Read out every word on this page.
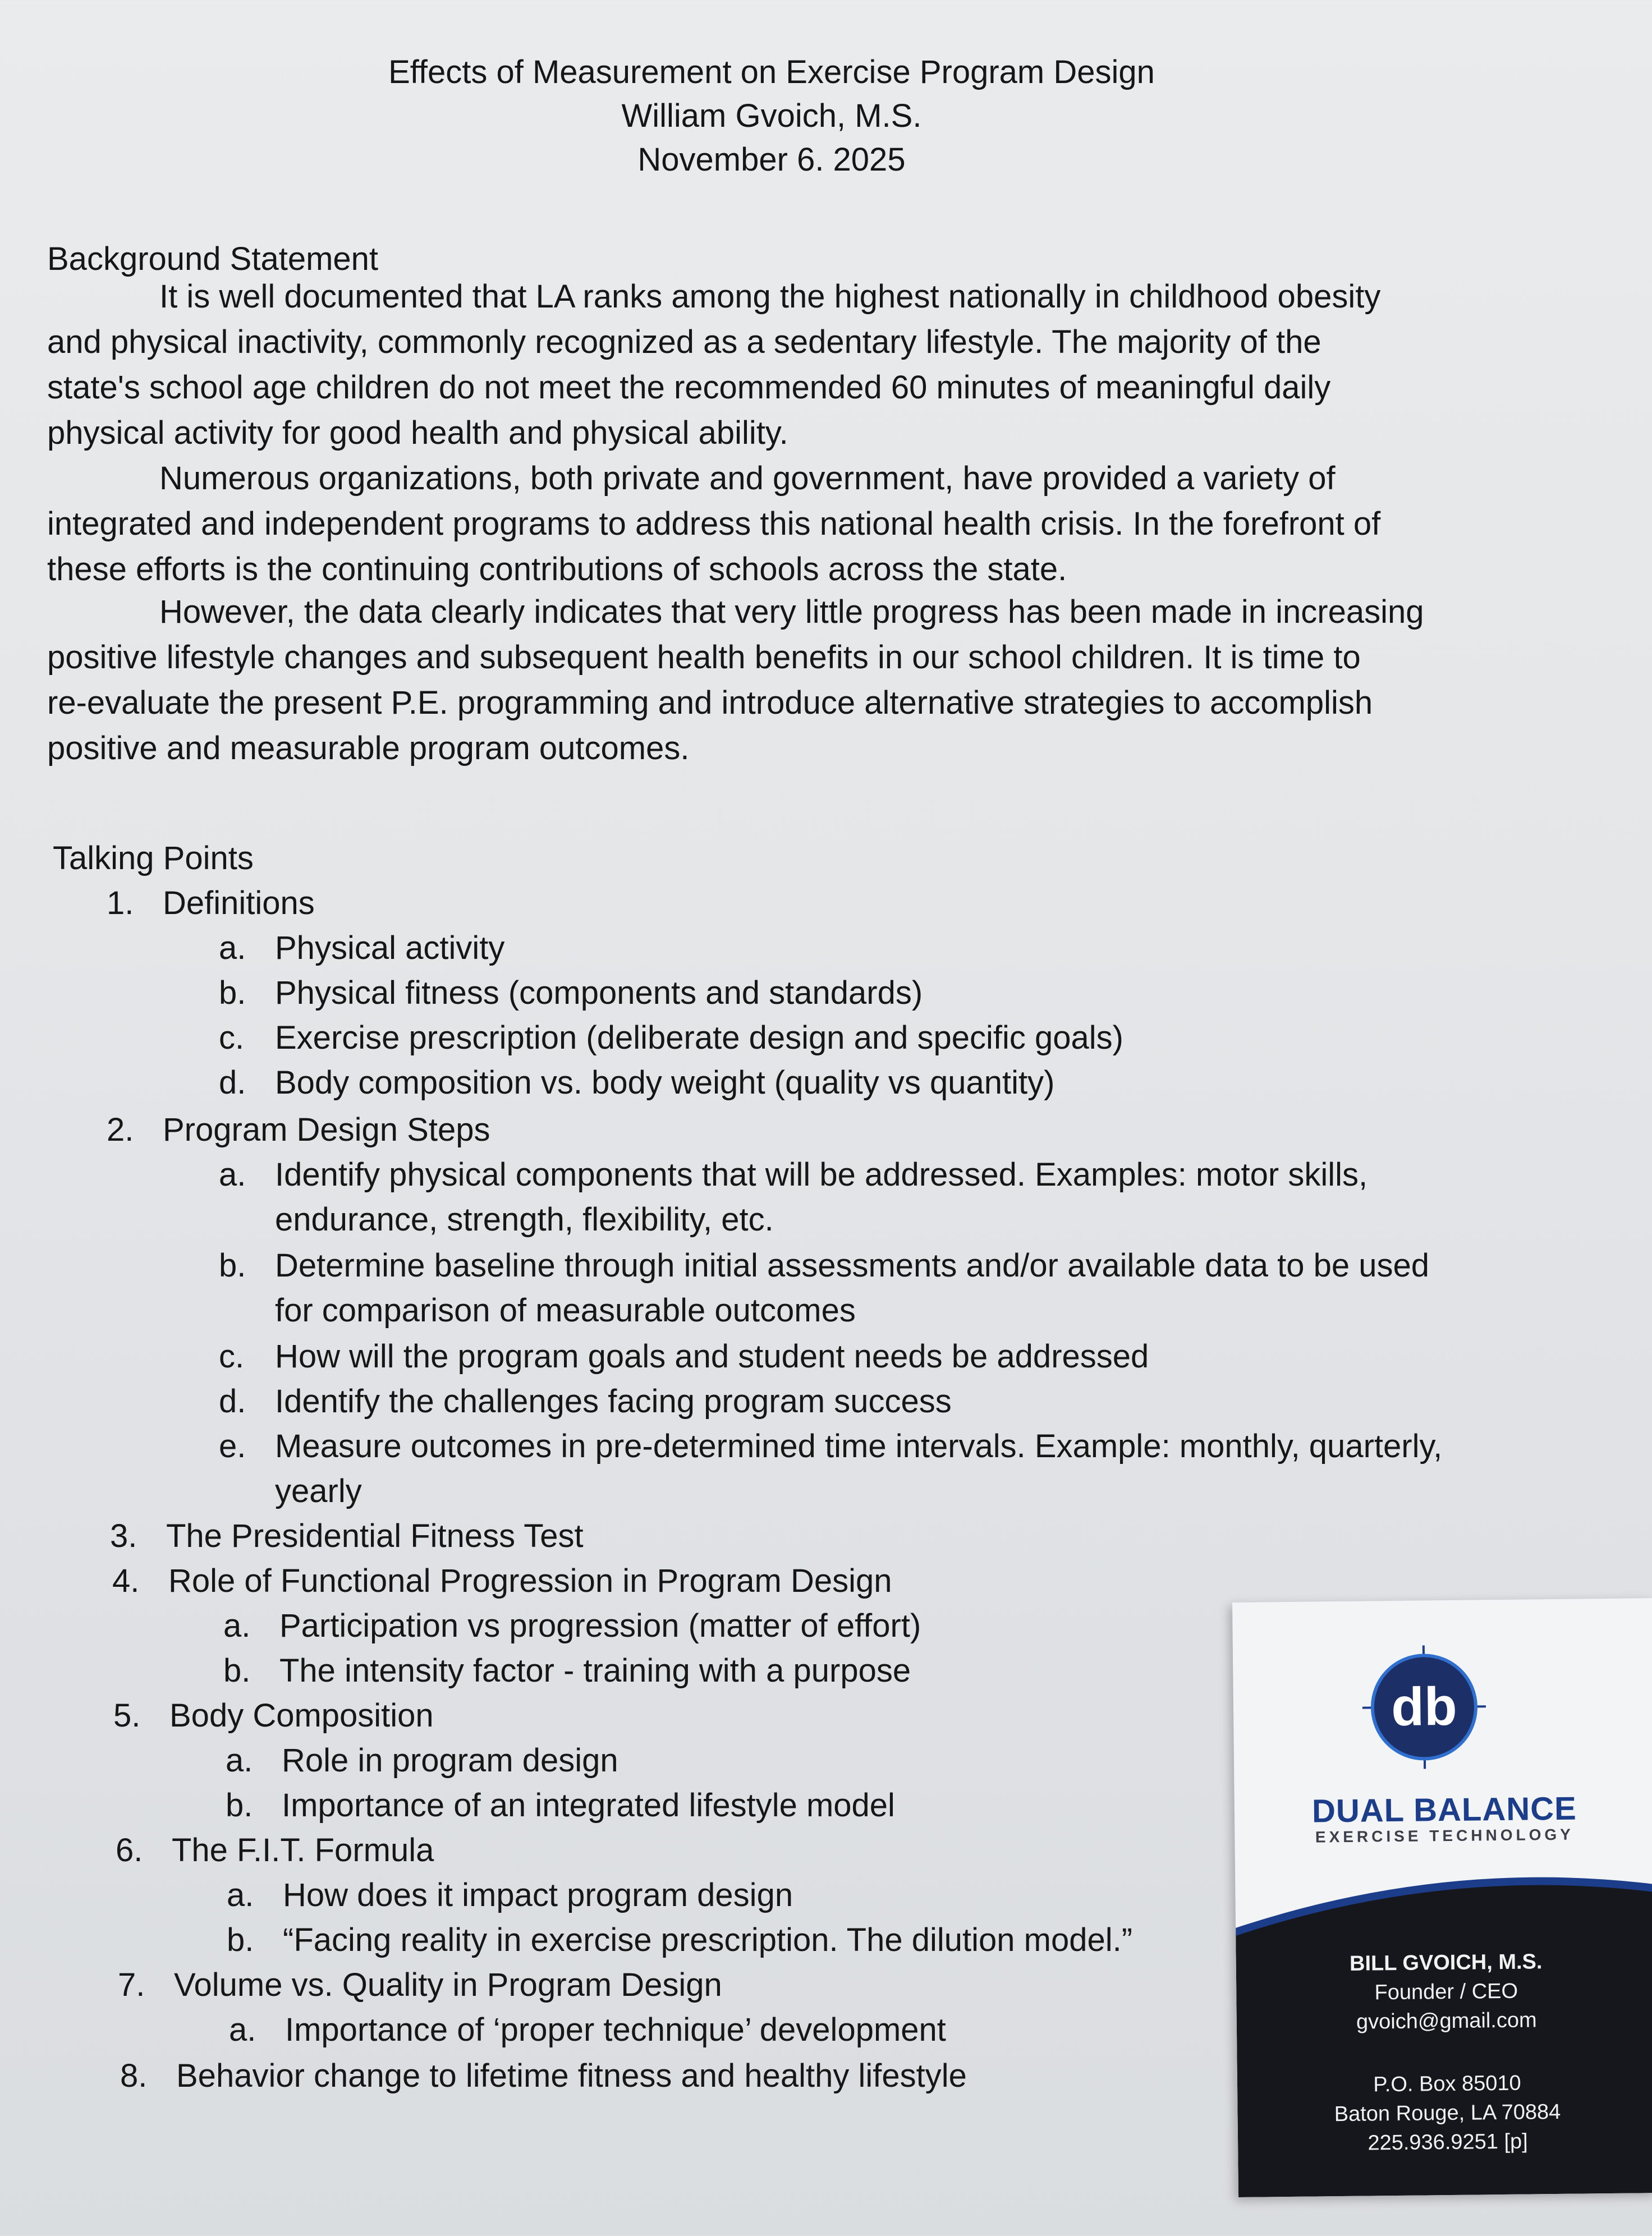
Effects of Measurement on Exercise Program Design
William Gvoich, M.S.
November 6. 2025
Background Statement
It is well documented that LA ranks among the highest nationally in childhood obesity
and physical inactivity, commonly recognized as a sedentary lifestyle. The majority of the
state's school age children do not meet the recommended 60 minutes of meaningful daily
physical activity for good health and physical ability.
Numerous organizations, both private and government, have provided a variety of
integrated and independent programs to address this national health crisis. In the forefront of
these efforts is the continuing contributions of schools across the state.
However, the data clearly indicates that very little progress has been made in increasing
positive lifestyle changes and subsequent health benefits in our school children. It is time to
re-evaluate the present P.E. programming and introduce alternative strategies to accomplish
positive and measurable program outcomes.
Talking Points
1. Definitions
a. Physical activity
b. Physical fitness (components and standards)
c. Exercise prescription (deliberate design and specific goals)
d. Body composition vs. body weight (quality vs quantity)
2. Program Design Steps
a. Identify physical components that will be addressed. Examples: motor skills,
endurance, strength, flexibility, etc.
b. Determine baseline through initial assessments and/or available data to be used
for comparison of measurable outcomes
c. How will the program goals and student needs be addressed
d. Identify the challenges facing program success
e. Measure outcomes in pre-determined time intervals. Example: monthly, quarterly,
yearly
3. The Presidential Fitness Test
4. Role of Functional Progression in Program Design
a. Participation vs progression (matter of effort)
b. The intensity factor - training with a purpose
5. Body Composition
a. Role in program design
b. Importance of an integrated lifestyle model
6. The F.I.T. Formula
a. How does it impact program design
b. “Facing reality in exercise prescription. The dilution model.”
7. Volume vs. Quality in Program Design
a. Importance of ‘proper technique’ development
8. Behavior change to lifetime fitness and healthy lifestyle
db
DUAL BALANCE
EXERCISE TECHNOLOGY
BILL GVOICH, M.S.
Founder / CEO
gvoich@gmail.com
P.O. Box 85010
Baton Rouge, LA 70884
225.936.9251 [p]
